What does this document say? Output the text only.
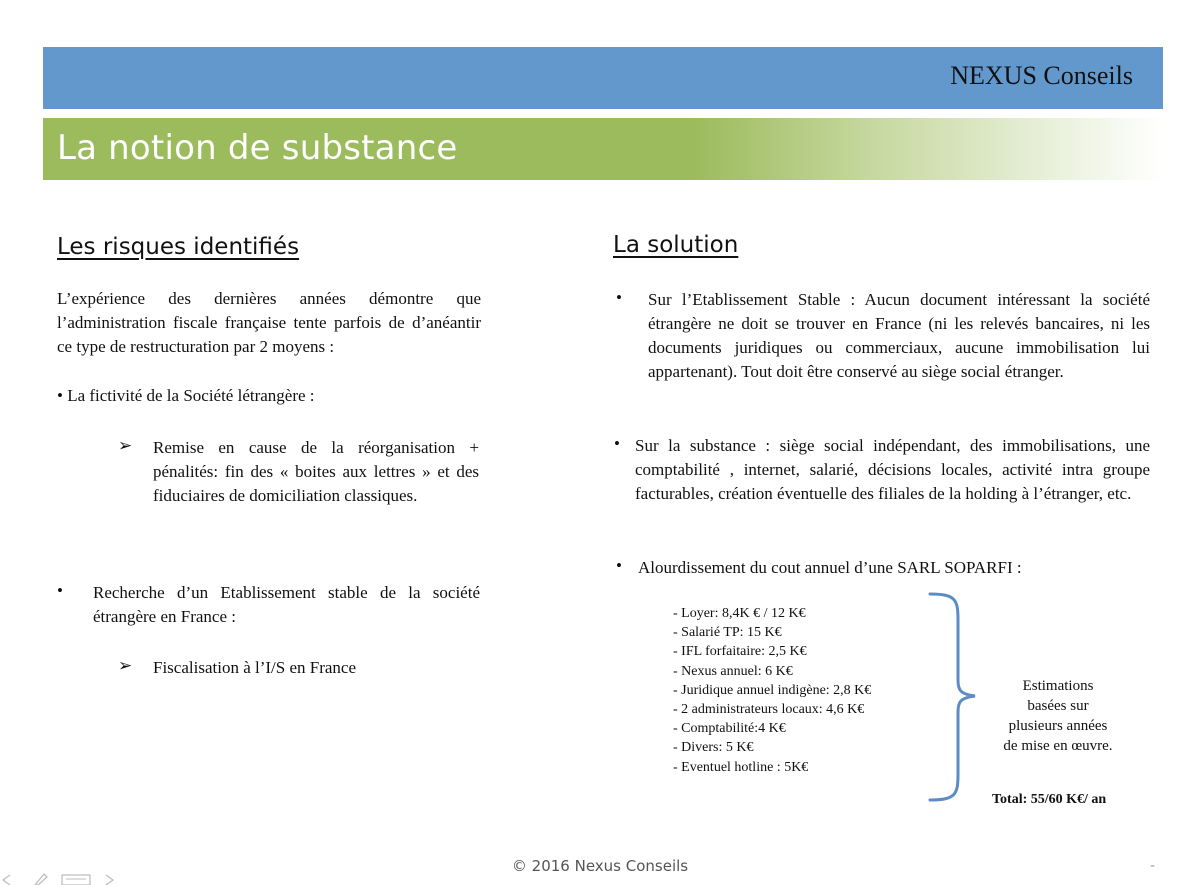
NEXUS Conseils
La notion de substance
Les risques identifiés
L’expérience des dernières années démontre que l’administration fiscale française tente parfois de d’anéantir ce type de restructuration par 2 moyens :
• La fictivité de la Société létrangère :
➢ Remise en cause de la réorganisation + pénalités: fin des « boites aux lettres » et des fiduciaires de domiciliation classiques.
• Recherche d’un Etablissement stable de la société étrangère en France :
➢ Fiscalisation à l’I/S en France
La solution
• Sur l’Etablissement Stable : Aucun document intéressant la société étrangère ne doit se trouver en France (ni les relevés bancaires, ni les documents juridiques ou commerciaux, aucune immobilisation lui appartenant). Tout doit être conservé au siège social étranger.
• Sur la substance : siège social indépendant, des immobilisations, une comptabilité , internet, salarié, décisions locales, activité intra groupe facturables, création éventuelle des filiales de la holding à l’étranger, etc.
• Alourdissement du cout annuel d’une SARL SOPARFI :
- Loyer: 8,4K € / 12 K€
- Salarié TP: 15 K€
- IFL forfaitaire: 2,5 K€
- Nexus annuel: 6 K€
- Juridique annuel indigène: 2,8 K€
- 2 administrateurs locaux: 4,6 K€
- Comptabilité:4 K€
- Divers: 5 K€
- Eventuel hotline : 5K€
Estimations
basées sur
plusieurs années
de mise en œuvre.
Total: 55/60 K€/ an
© 2016 Nexus Conseils	-
